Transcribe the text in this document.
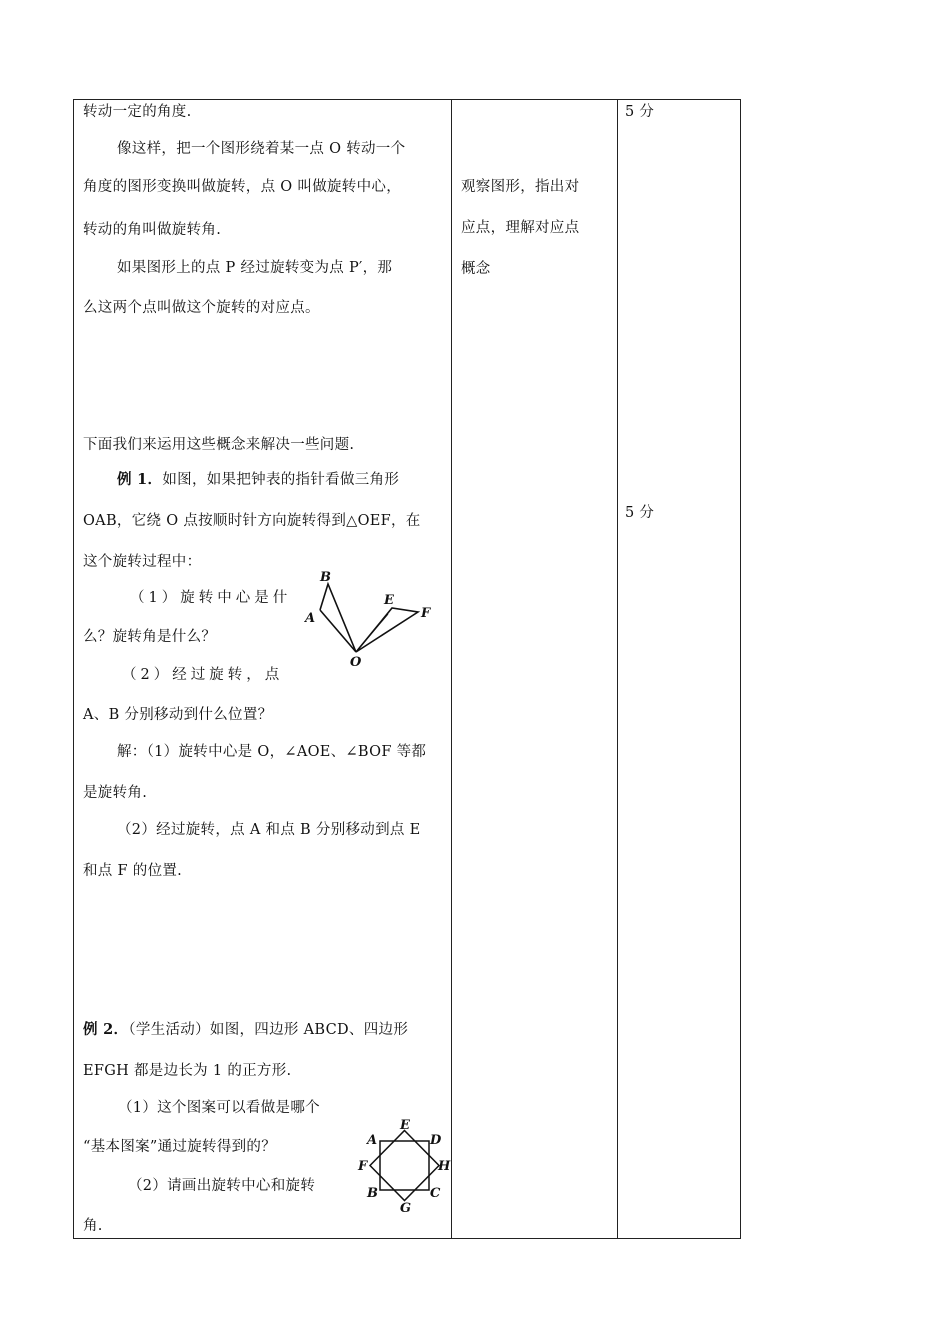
转动一定的角度.
像这样，把一个图形绕着某一点 O 转动一个
角度的图形变换叫做旋转，点 O 叫做旋转中心，
转动的角叫做旋转角.
如果图形上的点 P 经过旋转变为点 P′，那
么这两个点叫做这个旋转的对应点。
下面我们来运用这些概念来解决一些问题.
例 1．如图，如果把钟表的指针看做三角形
OAB，它绕 O 点按顺时针方向旋转得到△OEF，在
这个旋转过程中：
（1）旋转中心是什
么？旋转角是什么？
（2）经过旋转，点
A、B 分别移动到什么位置？
解：（1）旋转中心是 O，∠AOE、∠BOF 等都
是旋转角.
（2）经过旋转，点 A 和点 B 分别移动到点 E
和点 F 的位置.
B
A
E
F
O
例 2．（学生活动）如图，四边形 ABCD、四边形
EFGH 都是边长为 1 的正方形.
（1）这个图案可以看做是哪个
“基本图案”通过旋转得到的？
（2）请画出旋转中心和旋转
角.
A
E
D
F	H
B	C
G
观察图形，指出对
应点，理解对应点
概念
5 分
5 分
